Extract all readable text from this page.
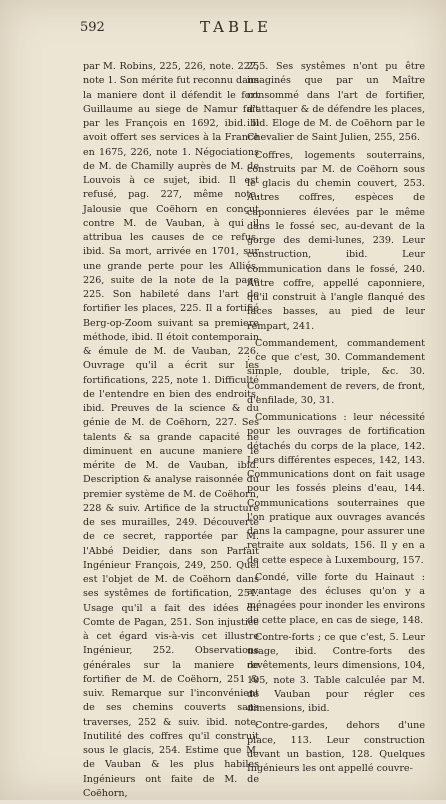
592	TABLE

par M. Robins, 225, 226, note. 227, note 1. Son mérite fut reconnu dans la maniere dont il défendit le fort Guillaume au siege de Namur fait par les François en 1692, ibid. Il avoit offert ses services à la France en 1675, 226, note 1. Négociations de M. de Chamilly auprès de M. de Louvois à ce sujet, ibid. Il est refusé, pag. 227, même note. Jalousie que Coëhorn en conçut contre M. de Vauban, à qui il attribua les causes de ce refus, ibid. Sa mort, arrivée en 1701, sur une grande perte pour les Alliés, 226, suite de la note de la page 225. Son habileté dans l'art de fortifier les places, 225. Il a fortifié Berg-op-Zoom suivant sa premiere méthode, ibid. Il étoit contemporain & émule de M. de Vauban, 226. Ouvrage qu'il a écrit sur les fortifications, 225, note 1. Difficulté de l'entendre en bien des endroits, ibid. Preuves de la science & du génie de M. de Coëhorn, 227. Ses talents & sa grande capacité ne diminuent en aucune maniere le mérite de M. de Vauban, ibid. Description & analyse raisonnée du premier système de M. de Coëhorn, 228 & suiv. Artifice de la structure de ses murailles, 249. Découverte de ce secret, rapportée par M. l'Abbé Deidier, dans son Parfait Ingénieur François, 249, 250. Quel est l'objet de M. de Coëhorn dans ses systêmes de fortification, 251. Usage qu'il a fait des idées du Comte de Pagan, 251. Son injustice à cet égard vis-à-vis cet illustre Ingénieur, 252. Observations générales sur la maniere de fortifier de M. de Coëhorn, 251 & suiv. Remarque sur l'inconvénient de ses chemins couverts sans traverses, 252 & suiv. ibid. note. Inutilité des coffres qu'il construit sous le glacis, 254. Estime que M. de Vauban & les plus habiles Ingénieurs ont faite de M. de Coëhorn,

255. Ses systêmes n'ont pu être imaginés que par un Maître consommé dans l'art de fortifier, d'attaquer & de défendre les places, ibid. Eloge de M. de Coëhorn par le Chevalier de Saint Julien, 255, 256.

Coffres, logements souterrains, construits par M. de Coëhorn sous le glacis du chemin couvert, 253. Autres coffres, espèces de caponnieres élevées par le même dans le fossé sec, au-devant de la gorge des demi-lunes, 239. Leur construction, ibid. Leur communication dans le fossé, 240. Autre coffre, appellé caponniere, qu'il construit à l'angle flanqué des faces basses, au pied de leur rempart, 241.

Commandement, commandement : ce que c'est, 30. Commandement simple, double, triple, &c. 30. Commandement de revers, de front, d'enfilade, 30, 31.

Communications : leur nécessité pour les ouvrages de fortification détachés du corps de la place, 142. Leurs différentes especes, 142, 143. Communications dont on fait usage pour les fossés pleins d'eau, 144. Communications souterraines que l'on pratique aux ouvrages avancés dans la campagne, pour assurer une retraite aux soldats, 156. Il y en a de cette espece à Luxembourg, 157.

Condé, ville forte du Hainaut : avantage des écluses qu'on y a ménagées pour inonder les environs de cette place, en cas de siege, 148.

Contre-forts ; ce que c'est, 5. Leur usage, ibid. Contre-forts des revêtements, leurs dimensions, 104, 105, note 3. Table calculée par M. de Vauban pour régler ces dimensions, ibid.

Contre-gardes, dehors d'une place, 113. Leur construction devant un bastion, 128. Quelques Ingénieurs les ont appellé couvre-
